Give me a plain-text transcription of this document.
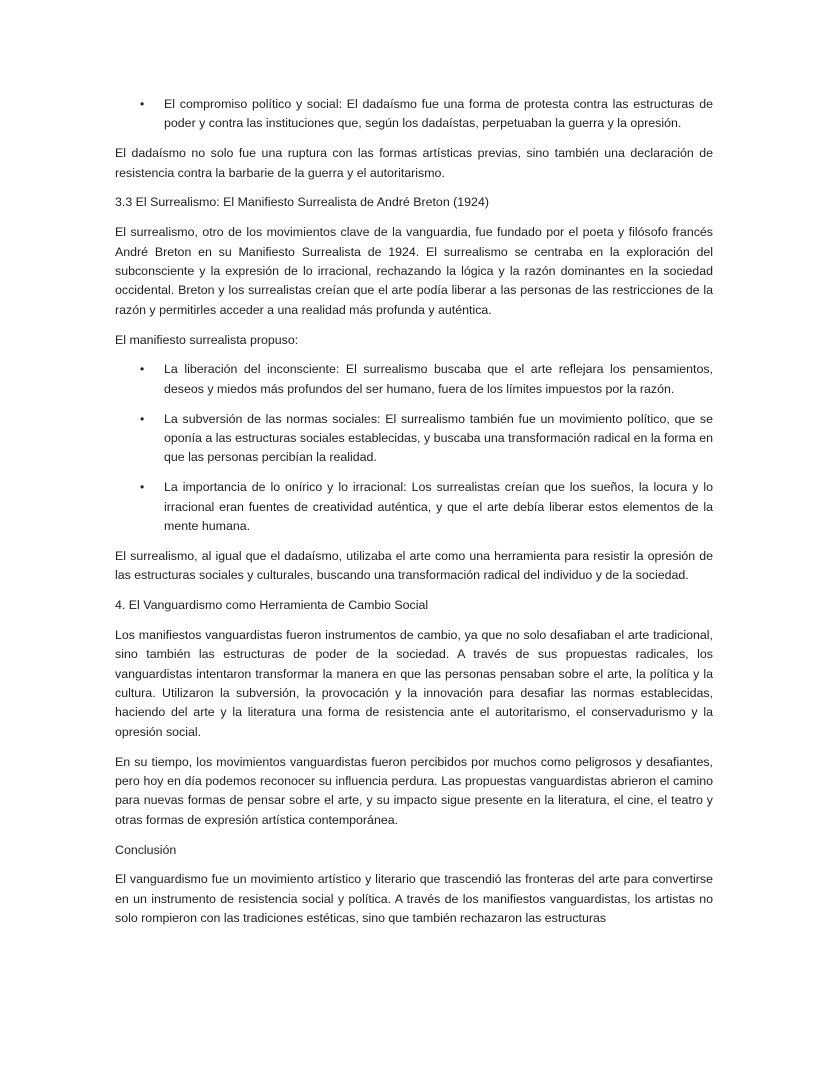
• El compromiso político y social: El dadaísmo fue una forma de protesta contra las estructuras de poder y contra las instituciones que, según los dadaístas, perpetuaban la guerra y la opresión.

El dadaísmo no solo fue una ruptura con las formas artísticas previas, sino también una declaración de resistencia contra la barbarie de la guerra y el autoritarismo.

3.3 El Surrealismo: El Manifiesto Surrealista de André Breton (1924)

El surrealismo, otro de los movimientos clave de la vanguardia, fue fundado por el poeta y filósofo francés André Breton en su Manifiesto Surrealista de 1924. El surrealismo se centraba en la exploración del subconsciente y la expresión de lo irracional, rechazando la lógica y la razón dominantes en la sociedad occidental. Breton y los surrealistas creían que el arte podía liberar a las personas de las restricciones de la razón y permitirles acceder a una realidad más profunda y auténtica.

El manifiesto surrealista propuso:

• La liberación del inconsciente: El surrealismo buscaba que el arte reflejara los pensamientos, deseos y miedos más profundos del ser humano, fuera de los límites impuestos por la razón.
• La subversión de las normas sociales: El surrealismo también fue un movimiento político, que se oponía a las estructuras sociales establecidas, y buscaba una transformación radical en la forma en que las personas percibían la realidad.
• La importancia de lo onírico y lo irracional: Los surrealistas creían que los sueños, la locura y lo irracional eran fuentes de creatividad auténtica, y que el arte debía liberar estos elementos de la mente humana.

El surrealismo, al igual que el dadaísmo, utilizaba el arte como una herramienta para resistir la opresión de las estructuras sociales y culturales, buscando una transformación radical del individuo y de la sociedad.

4. El Vanguardismo como Herramienta de Cambio Social

Los manifiestos vanguardistas fueron instrumentos de cambio, ya que no solo desafiaban el arte tradicional, sino también las estructuras de poder de la sociedad. A través de sus propuestas radicales, los vanguardistas intentaron transformar la manera en que las personas pensaban sobre el arte, la política y la cultura. Utilizaron la subversión, la provocación y la innovación para desafiar las normas establecidas, haciendo del arte y la literatura una forma de resistencia ante el autoritarismo, el conservadurismo y la opresión social.

En su tiempo, los movimientos vanguardistas fueron percibidos por muchos como peligrosos y desafiantes, pero hoy en día podemos reconocer su influencia perdura. Las propuestas vanguardistas abrieron el camino para nuevas formas de pensar sobre el arte, y su impacto sigue presente en la literatura, el cine, el teatro y otras formas de expresión artística contemporánea.

Conclusión

El vanguardismo fue un movimiento artístico y literario que trascendió las fronteras del arte para convertirse en un instrumento de resistencia social y política. A través de los manifiestos vanguardistas, los artistas no solo rompieron con las tradiciones estéticas, sino que también rechazaron las estructuras
